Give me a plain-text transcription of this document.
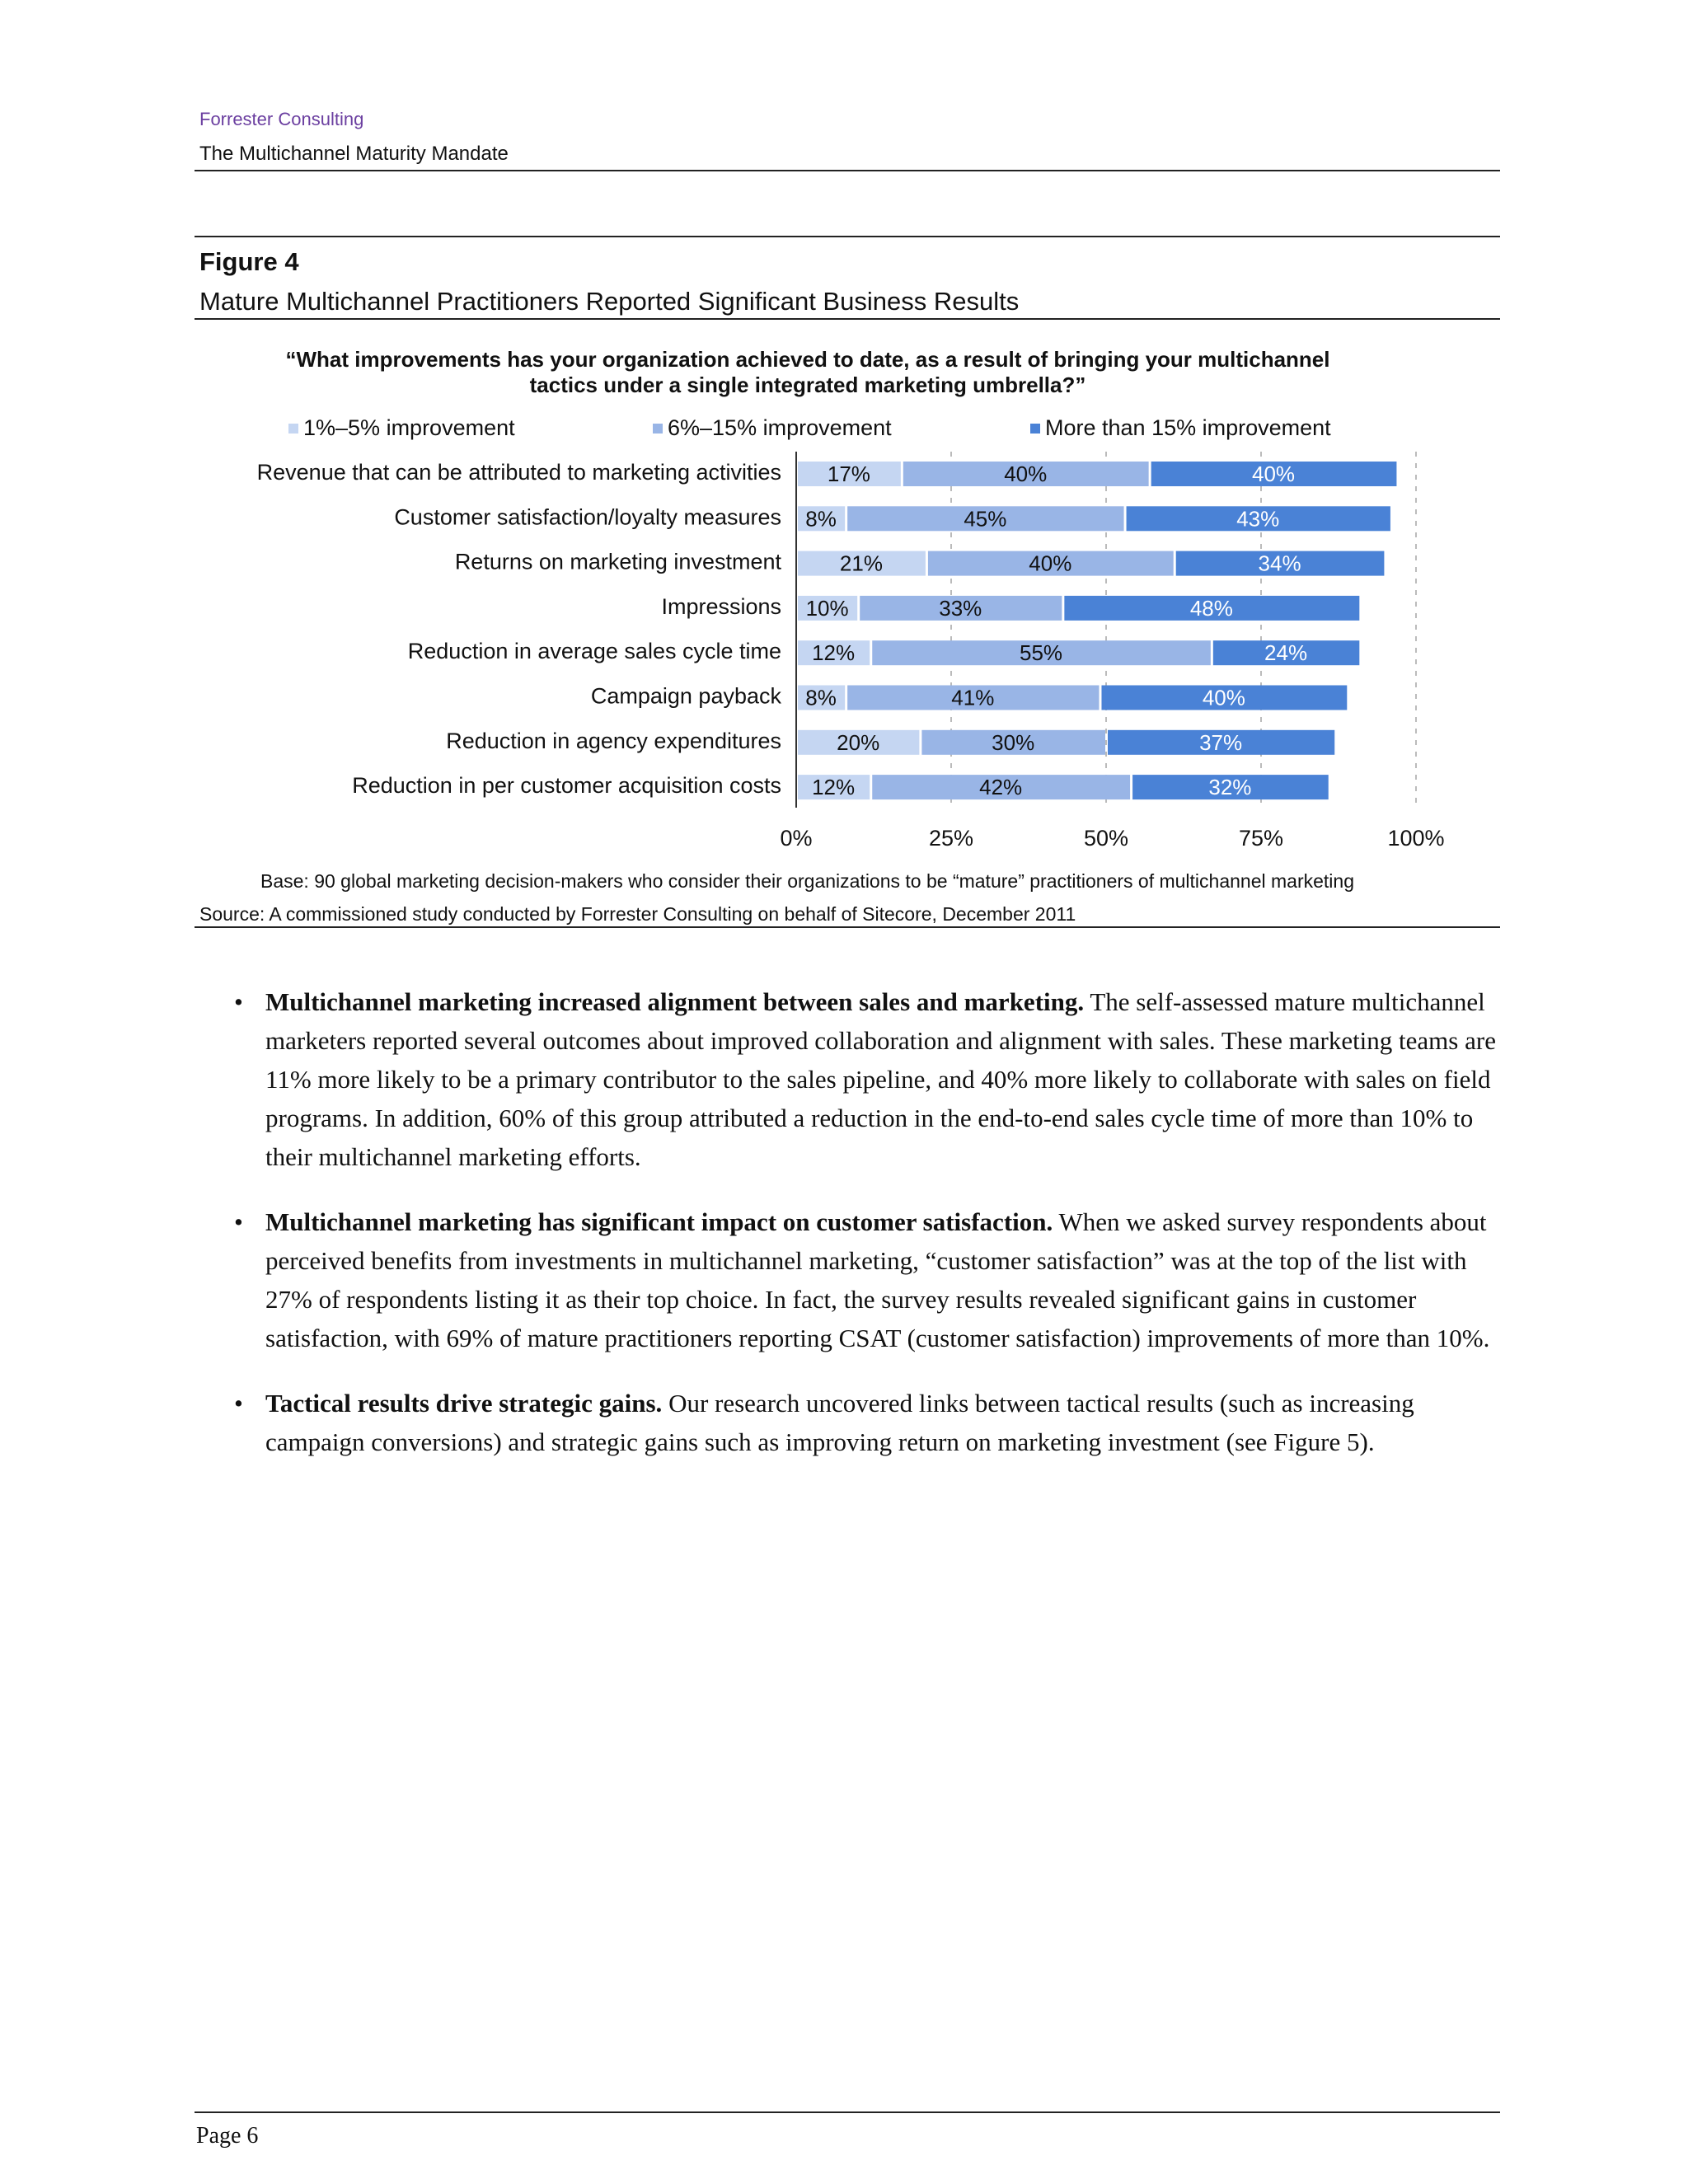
Forrester Consulting
The Multichannel Maturity Mandate
Figure 4
Mature Multichannel Practitioners Reported Significant Business Results
“What improvements has your organization achieved to date, as a result of bringing your multichannel tactics under a single integrated marketing umbrella?”
1%–5% improvement	6%–15% improvement	More than 15% improvement
0%	25%	50%	75%	100%
Revenue that can be attributed to marketing activities 17%	40%	40%
Customer satisfaction/loyalty measures 8%	45%	43%
Returns on marketing investment	21%	40%	34%
Impressions 10%	33%	48%
Reduction in average sales cycle time 12%	55%	24%
Campaign payback 8%	41%	40%
Reduction in agency expenditures	20%	30%	37%
Reduction in per customer acquisition costs 12%	42%	32%
Base: 90 global marketing decision-makers who consider their organizations to be “mature” practitioners of multichannel marketing
Source: A commissioned study conducted by Forrester Consulting on behalf of Sitecore, December 2011
• Multichannel marketing increased alignment between sales and marketing. The self-assessed mature multichannel marketers reported several outcomes about improved collaboration and alignment with sales. These marketing teams are 11% more likely to be a primary contributor to the sales pipeline, and 40% more likely to collaborate with sales on field programs. In addition, 60% of this group attributed a reduction in the end-to-end sales cycle time of more than 10% to their multichannel marketing efforts.
• Multichannel marketing has significant impact on customer satisfaction. When we asked survey respondents about perceived benefits from investments in multichannel marketing, “customer satisfaction” was at the top of the list with 27% of respondents listing it as their top choice. In fact, the survey results revealed significant gains in customer satisfaction, with 69% of mature practitioners reporting CSAT (customer satisfaction) improvements of more than 10%.
• Tactical results drive strategic gains. Our research uncovered links between tactical results (such as increasing campaign conversions) and strategic gains such as improving return on marketing investment (see Figure 5).
Page 6
